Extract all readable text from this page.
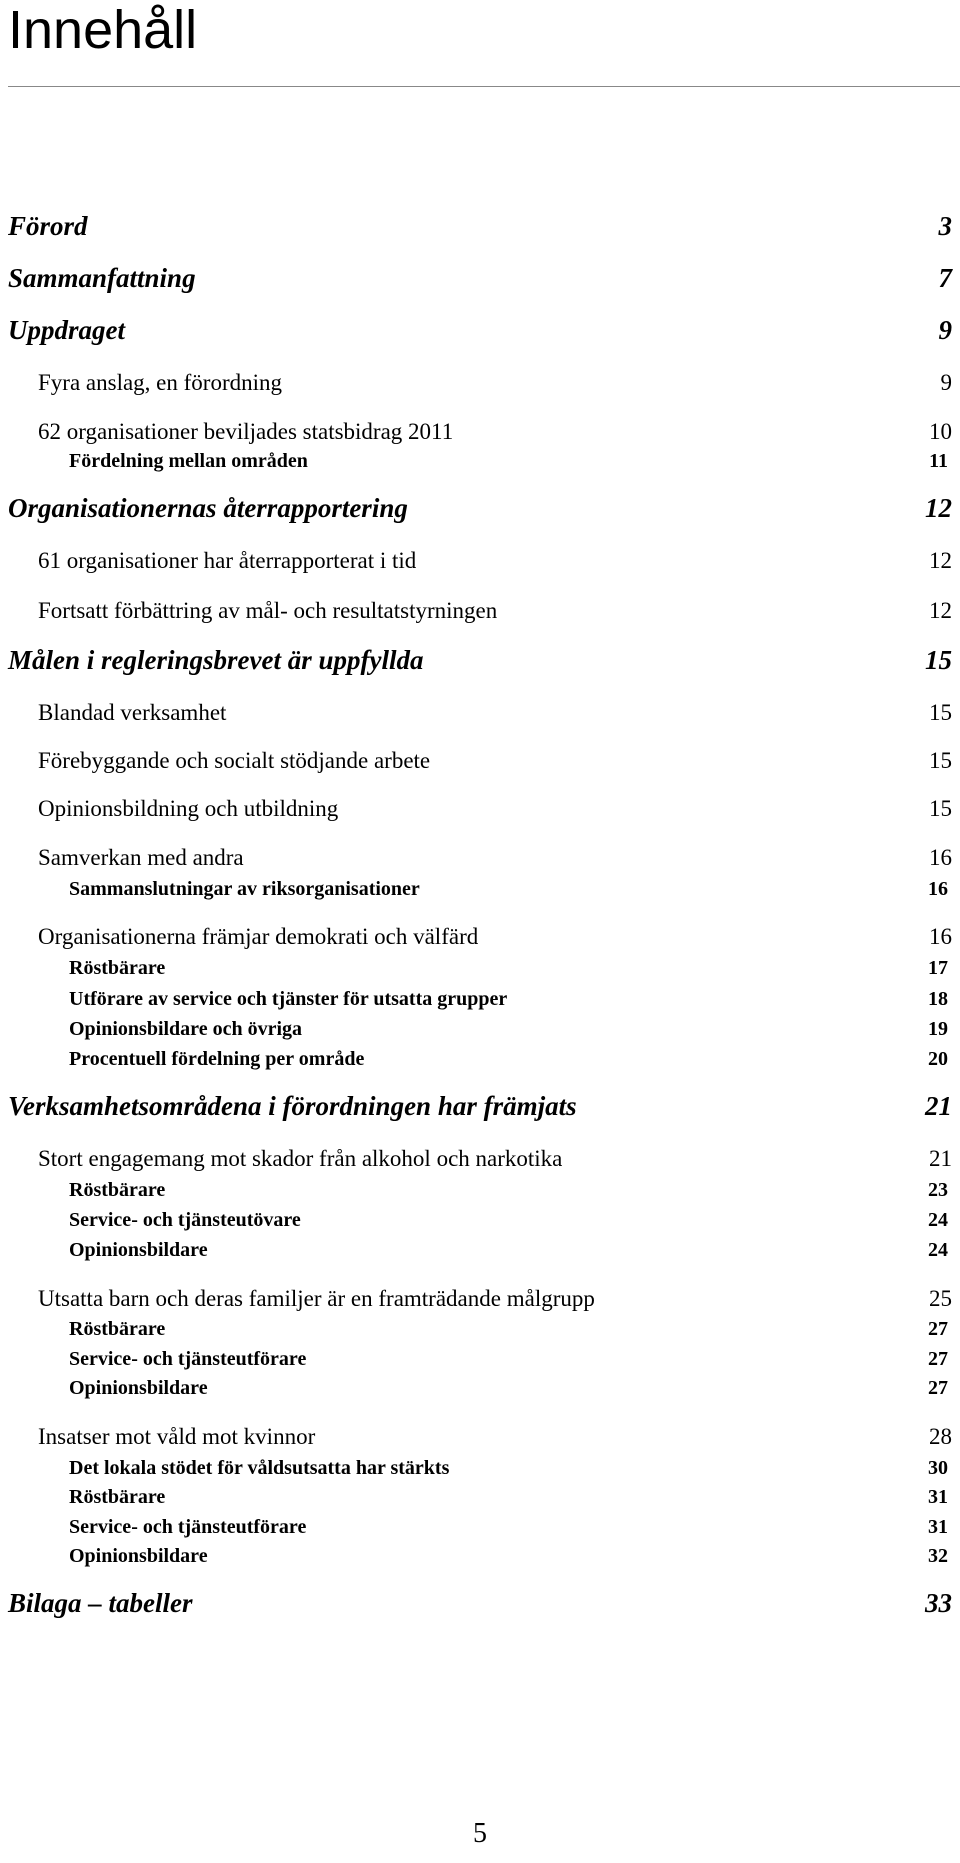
Innehåll
Förord	3
Sammanfattning	7
Uppdraget	9
Fyra anslag, en förordning	9
62 organisationer beviljades statsbidrag 2011	10
Fördelning mellan områden	11
Organisationernas återrapportering	12
61 organisationer har återrapporterat i tid	12
Fortsatt förbättring av mål- och resultatstyrningen	12
Målen i regleringsbrevet är uppfyllda	15
Blandad verksamhet	15
Förebyggande och socialt stödjande arbete	15
Opinionsbildning och utbildning	15
Samverkan med andra	16
Sammanslutningar av riksorganisationer	16
Organisationerna främjar demokrati och välfärd	16
Röstbärare	17
Utförare av service och tjänster för utsatta grupper	18
Opinionsbildare och övriga	19
Procentuell fördelning per område	20
Verksamhetsområdena i förordningen har främjats	21
Stort engagemang mot skador från alkohol och narkotika	21
Röstbärare	23
Service- och tjänsteutövare	24
Opinionsbildare	24
Utsatta barn och deras familjer är en framträdande målgrupp	25
Röstbärare	27
Service- och tjänsteutförare	27
Opinionsbildare	27
Insatser mot våld mot kvinnor	28
Det lokala stödet för våldsutsatta har stärkts	30
Röstbärare	31
Service- och tjänsteutförare	31
Opinionsbildare	32
Bilaga – tabeller	33
5
